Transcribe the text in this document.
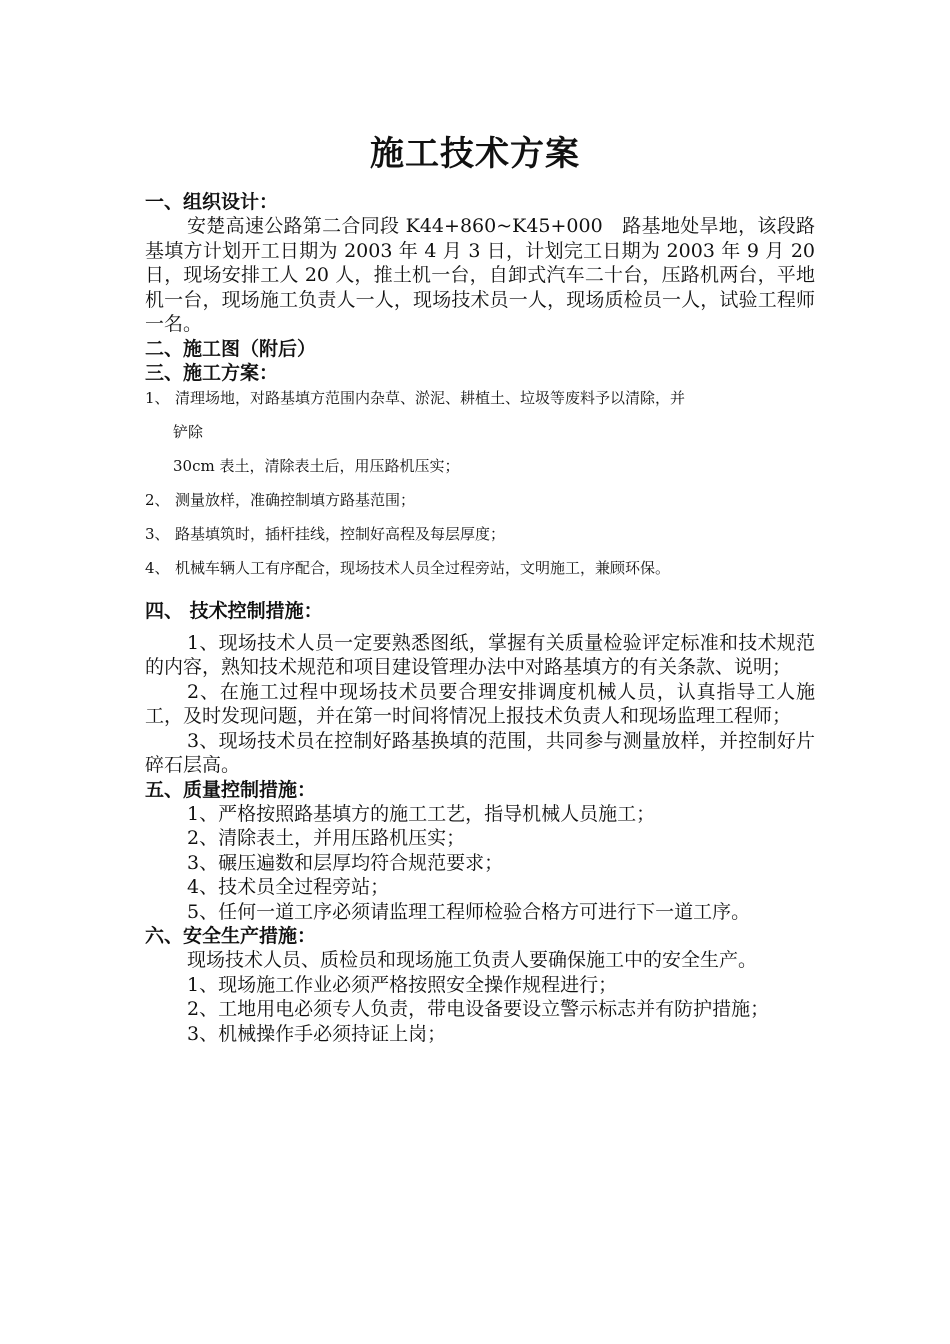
施工技术方案

一、组织设计：

安楚高速公路第二合同段 K44+860~K45+000　路基地处旱地，该段路基填方计划开工日期为 2003 年 4 月 3 日，计划完工日期为 2003 年 9 月 20 日，现场安排工人 20 人，推土机一台，自卸式汽车二十台，压路机两台，平地机一台，现场施工负责人一人，现场技术员一人，现场质检员一人，试验工程师一名。

二、施工图（附后）

三、施工方案：

1、 清理场地，对路基填方范围内杂草、淤泥、耕植土、垃圾等废料予以清除，并

铲除

30cm 表土，清除表土后，用压路机压实；

2、 测量放样，准确控制填方路基范围；

3、 路基填筑时，插杆挂线，控制好高程及每层厚度；

4、 机械车辆人工有序配合，现场技术人员全过程旁站，文明施工，兼顾环保。

四、 技术控制措施：

1、现场技术人员一定要熟悉图纸，掌握有关质量检验评定标准和技术规范的内容，熟知技术规范和项目建设管理办法中对路基填方的有关条款、说明；

2、在施工过程中现场技术员要合理安排调度机械人员，认真指导工人施工，及时发现问题，并在第一时间将情况上报技术负责人和现场监理工程师；

3、现场技术员在控制好路基换填的范围，共同参与测量放样，并控制好片碎石层高。

五、质量控制措施：

1、严格按照路基填方的施工工艺，指导机械人员施工；

2、清除表土，并用压路机压实；

3、碾压遍数和层厚均符合规范要求；

4、技术员全过程旁站；

5、任何一道工序必须请监理工程师检验合格方可进行下一道工序。

六、安全生产措施：

现场技术人员、质检员和现场施工负责人要确保施工中的安全生产。

1、现场施工作业必须严格按照安全操作规程进行；

2、工地用电必须专人负责，带电设备要设立警示标志并有防护措施；

3、机械操作手必须持证上岗；
